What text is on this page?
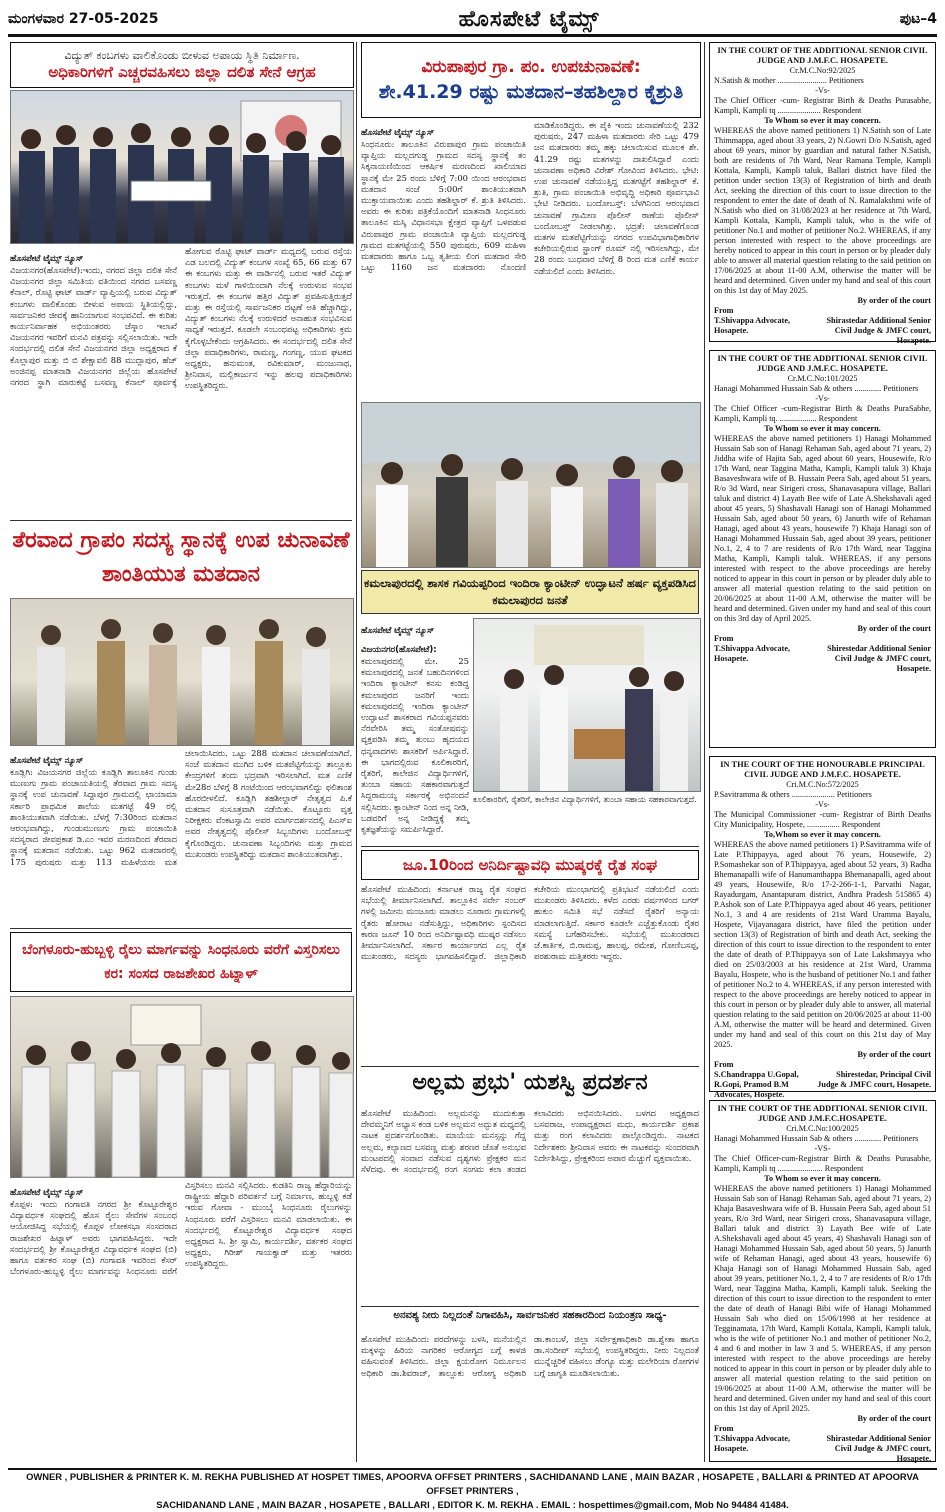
ಮಂಗಳವಾರ 27-05-2025	ಹೊಸಪೇಟೆ ಟೈಮ್ಸ್	ಪುಟ–4
ವಿದ್ಯುತ್ ಕಂಬಗಳು ವಾಲಿಕೊಂಡು ಬೀಳುವ ಅಪಾಯ ಸ್ಥಿತಿ ನಿರ್ಮಾಣ.
ಅಧಿಕಾರಿಗಳಿಗೆ ಎಚ್ಚರವಹಿಸಲು ಜಿಲ್ಲಾ ದಲಿತ ಸೇನೆ ಆಗ್ರಹ
ಹೊಸಪೇಟೆ ಟೈಮ್ಸ್ ನ್ಯೂಸ್

ವಿಜಯನಗರ(ಹೊಸಪೇಟೆ):ಇಂದು, ನಗರದ ಜಿಲ್ಲಾ ದಲಿತ ಸೇನೆ ವಿಜಯನಗರ ಜಿಲ್ಲಾ ಸಮಿತಿಯ ವತಿಯಿಂದ ನಗರದ ಬಸವಣ್ಣ ಕೆನಾಲ್, ರೊಟ್ಟಿ ಘಾಟ್ ವಾರ್ಡ್ ವ್ಯಾಪ್ತಿಯಲ್ಲಿ ಬರುವ ವಿದ್ಯುತ್ ಕಂಬಗಳು ವಾಲಿಕೊಂಡು ಬೀಳುವ ಅಪಾಯ ಸ್ಥಿತಿಯಲ್ಲಿದ್ದು, ಸಾರ್ವಜನಿಕರ ಜೀವಕ್ಕೆ ಹಾನಿಯಾಗುವ ಸಂಭವವಿದೆ. ಈ ಕುರಿತು ಕಾರ್ಯನಿರ್ವಾಹಕ ಅಭಿಯಂತರರು ಜೆಸ್ಕಾಂ ಇಲಾಖೆ ವಿಜಯನಗರ ಇವರಿಗೆ ಮನವಿ ಪತ್ರವನ್ನು ಸಲ್ಲಿಸಲಾಯಿತು. ಇದೇ ಸಂದರ್ಭದಲ್ಲಿ ದಲಿತ ಸೇನೆ ವಿಜಯನಗರ ಜಿಲ್ಲಾ ಅಧ್ಯಕ್ಷರಾದ ಕೆ ಕೊಲ್ಲಾಪುರ ಮತ್ತು ಬಿ ಬಿ ಶೇಕ್ಷಾವಲಿ 88 ಮುದ್ಲಾಪುರ, ಹೆಚ್ ಅಂಜಿನಪ್ಪ ಮಾತನಾಡಿ ವಿಜಯನಗರ ಜಿಲ್ಲೆಯ ಹೊಸಪೇಟೆ ನಗರದ ಸ್ಥಾಗಿ ಮಾರುಕಟ್ಟೆ ಬಸವಣ್ಣ ಕೆನಾಲ್ ಪೂರ್ವಕ್ಕೆ ಹೋಗುವ ರೊಟ್ಟಿ ಘಾಟ್ ವಾರ್ಡ್ ಮಧ್ಯದಲ್ಲಿ ಬರುವ ರಸ್ತೆಯ ಎಡ ಬಲದಲ್ಲಿ ವಿದ್ಯುತ್ ಕಂಬಗಳ ಸಂಖ್ಯೆ 65, 66 ಮತ್ತು 67 ಈ ಕಂಬಗಳು ಮತ್ತು ಈ ವಾರ್ಡಿನಲ್ಲಿ ಬರುವ ಇತರೆ ವಿದ್ಯುತ್ ಕಂಬಗಳು ಮಳೆ ಗಾಳಿಯಿಂದಾಗಿ ನೆಲಕ್ಕೆ ಉರುಳುವ ಸಂಭವ ಇರುತ್ತದೆ. ಈ ಕಂಬಗಳ ಹತ್ತಿರ ವಿದ್ಯುತ್ ಪ್ರವಹಿಸುತ್ತಿರುತ್ತದೆ ಮತ್ತು ಈ ರಸ್ತೆಯಲ್ಲಿ ಸಾರ್ವಜನಿಕರ ದಟ್ಟಣೆ ಅತಿ ಹೆಚ್ಚಾಗಿದ್ದು, ವಿದ್ಯುತ್ ಕಂಬಗಳು ನೆಲಕ್ಕೆ ಉರುಳಿದರೆ ಅನಾಹುತ ಸಂಭವಿಸುವ ಸಾಧ್ಯತೆ ಇರುತ್ತದೆ. ಕೂಡಲೇ ಸಂಬಂಧಪಟ್ಟ ಅಧಿಕಾರಿಗಳು ಕ್ರಮ ಕೈಗೊಳ್ಳಬೇಕೆಂದು ಆಗ್ರಹಿಸಿದರು. ಈ ಸಂದರ್ಭದಲ್ಲಿ ದಲಿತ ಸೇನೆ ಜಿಲ್ಲಾ ಪದಾಧಿಕಾರಿಗಳು, ರಾಮಣ್ಣ, ಗಂಗಣ್ಣ, ಯುವ ಘಟಕದ ಅಧ್ಯಕ್ಷರು, ಹನುಮಂತ, ರವಿಕುಮಾರ್, ಮಂಜುನಾಥ, ಶ್ರೀನಿವಾಸ, ಮಲ್ಲಿಕಾರ್ಜುನ ಇನ್ನು ಹಲವು ಪದಾಧಿಕಾರಿಗಳು ಉಪಸ್ಥಿತರಿದ್ದರು.

ತೆರವಾದ ಗ್ರಾಪಂ ಸದಸ್ಯ ಸ್ಥಾನಕ್ಕೆ ಉಪ ಚುನಾವಣೆ ಶಾಂತಿಯುತ ಮತದಾನ
ಹೊಸಪೇಟೆ ಟೈಮ್ಸ್ ನ್ಯೂಸ್

ಕೂಡ್ಲಿಗಿ: ವಿಜಯನಗರ ಜಿಲ್ಲೆಯ ಕೂಡ್ಲಿಗಿ ತಾಲೂಕಿನ ಗುಂಡು ಮುಣುಗು ಗ್ರಾಮ ಪಂಚಾಯತಿಯಲ್ಲಿ ತೆರವಾದ ಗ್ರಾಮ ಸದಸ್ಯ ಸ್ಥಾನಕ್ಕೆ ಉಪ ಚುನಾವಣೆ ಸಿದ್ದಾಪುರ ಗ್ರಾಮದಲ್ಲಿ ಛಾಯಾಮಾ ಸರ್ಕಾರಿ ಪ್ರಾಥಮಿಕ ಶಾಲೆಯ ಮತಗಟ್ಟೆ 49 ರಲ್ಲಿ ಶಾಂತಿಯುತವಾಗಿ ನಡೆಯಿತು. ಬೆಳಗ್ಗೆ 7:30ರಿಂದ ಮತದಾನ ಆರಂಭವಾಗಿದ್ದು, ಗುಂಡುಮುಣುಗು ಗ್ರಾಮ ಪಂಚಾಯಿತಿ ಸದಸ್ಯರಾದ ಜೀವಪ್ರಕಾಶ ಡಿ.ಎಂ ಇವರ ಮರಣದಿಂದ ತೆರವಾದ ಸ್ಥಾನಕ್ಕೆ ಮತದಾನ ನಡೆಯಿತು. ಒಟ್ಟು 962 ಮತದಾರರಲ್ಲಿ 175 ಪುರುಷರು ಮತ್ತು 113 ಮಹಿಳೆಯರು ಮತ ಚಲಾಯಿಸಿದರು. ಒಟ್ಟು 288 ಮತದಾನ ಚಲಾವಣೆಯಾಗಿದೆ. ಸಂಜೆ ಮತದಾನ ಮುಗಿದ ಬಳಿಕ ಮತಪೆಟ್ಟಿಗೆಯನ್ನು ತಾಲ್ಲೂಕು ಕೇಂದ್ರಗಳಿಗೆ ತಂದು ಭದ್ರವಾಗಿ ಇರಿಸಲಾಗಿದೆ. ಮತ ಎಣಿಕೆ ಮೇ28ರ ಬೆಳಿಗ್ಗೆ 8 ಗಂಟೆಯಿಂದ ಆರಂಭವಾಗಲಿದ್ದು ಫಲಿತಾಂಶ ಹೊರಬೀಳಲಿದೆ. ಕೂಡ್ಲಿಗಿ ತಹಶೀಲ್ದಾರ್ ನೇತೃತ್ವದ ಪಿ.ಕೆ ಮತದಾನ ಸುಸೂತ್ರವಾಗಿ ನಡೆಯಿತು. ಕೊಟ್ಟೂರು ವೃತ್ತ ನಿರೀಕ್ಷಕರು ವೆಂಕಟಸ್ವಾಮಿ ಅವರ ಮಾರ್ಗದರ್ಶನದಲ್ಲಿ ಪಿಎಸ್ಐ ಅವರ ನೇತೃತ್ವದಲ್ಲಿ ಪೊಲೀಸ್ ಸಿಬ್ಬಂದಿಗಳು ಬಂದೋಬಸ್ತ್ ಕೈಗೊಂಡಿದ್ದರು. ಚುನಾವಣಾ ಸಿಬ್ಬಂದಿಗಳು ಮತ್ತು ಗ್ರಾಮದ ಮುಖಂಡರು ಉಪಸ್ಥಿತರಿದ್ದು ಮತದಾನ ಶಾಂತಿಯುತವಾಗಿತ್ತು.

ಬೆಂಗಳೂರು-ಹುಬ್ಬಳ್ಳಿ ರೈಲು ಮಾರ್ಗವನ್ನು ಸಿಂಧನೂರು ವರೆಗೆ ವಿಸ್ತರಿಸಲು ಕರ: ಸಂಸದ ರಾಜಶೇಖರ ಹಿಟ್ನಾಳ್
ಹೊಸಪೇಟೆ ಟೈಮ್ಸ್ ನ್ಯೂಸ್

ಕೊಪ್ಪಳ: ಇಂದು ಗಂಗಾವತಿ ನಗರದ ಶ್ರೀ ಕೊಟ್ಟೂರೇಶ್ವರ ವಿದ್ಯಾವರ್ಧಕ ಸಂಘದಲ್ಲಿ ಹೊಸ ರೈಲು ಸೇವೆಗಳ ಸಂಬಂಧ ಆಯೋಜಿಸಿದ್ದ ಸಭೆಯಲ್ಲಿ ಕೊಪ್ಪಳ ಲೋಕಸಭಾ ಸಂಸದರಾದ ರಾಜಶೇಖರ ಹಿಟ್ನಾಳ್ ಅವರು ಭಾಗವಹಿಸಿದ್ದರು. ಇದೇ ಸಂದರ್ಭದಲ್ಲಿ ಶ್ರೀ ಕೊಟ್ಟೂರೇಶ್ವರ ವಿದ್ಯಾವರ್ಧಕ ಸಂಘದ (ಬಿ) ಹಾಗೂ ವರ್ತಕರ ಸಂಘ (ಬಿ) ಗಂಗಾವತಿ ಇವರಿಂದ ಕೆಸರ್ ಬೆಂಗಳೂರು-ಹುಬ್ಬಳ್ಳಿ ರೈಲು ಮಾರ್ಗವನ್ನು ಸಿಂಧನೂರು ವರೆಗೆ ವಿಸ್ತರಿಸಲು ಮನವಿ ಸಲ್ಲಿಸಿದರು. ಕುಡತಿನಿ ರಾಜ್ಯ ಹೆದ್ದಾರಿಯನ್ನು ರಾಷ್ಟ್ರೀಯ ಹೆದ್ದಾರಿ ಪರಿವರ್ತನೆ ಬಗ್ಗೆ ನಿರ್ಮಾಣ, ಹುಬ್ಬಳ್ಳಿ ಕಡೆ ಇರುವ ಗೋವಾ - ಮುಂಬೈ ಸಿಂಧನೂರು ರೈಲುಗಳನ್ನು ಸಿಂಧನೂರು ವರೆಗೆ ವಿಸ್ತರಿಸಲು ಮನವಿ ಮಾಡಲಾಯಿತು. ಈ ಸಂದರ್ಭದಲ್ಲಿ ಕೊಟ್ಟೂರೇಶ್ವರ ವಿದ್ಯಾವರ್ಧಕ ಸಂಘದ ಅಧ್ಯಕ್ಷರಾದ ಸಿ. ಶ್ರೀ ಸ್ವಾಮಿ, ಕಾರ್ಯದರ್ಶಿ, ವರ್ತಕರ ಸಂಘದ ಅಧ್ಯಕ್ಷರು, ಗಿರೀಶ್ ಗಾಯಕ್ವಾಡ್ ಮತ್ತು ಇತರರು ಉಪಸ್ಥಿತರಿದ್ದರು.

ವಿರುಪಾಪುರ ಗ್ರಾ. ಪಂ. ಉಪಚುನಾವಣೆ:
ಶೇ.41.29 ರಷ್ಟು ಮತದಾನ–ತಹಶಿಲ್ದಾರ ಕೈಶ್ರುತಿ
ಹೊಸಪೇಟೆ ಟೈಮ್ಸ್ ನ್ಯೂಸ್

ಸಿಂಧನೂರು: ತಾಲೂಕಿನ ವಿರುಪಾಪುರ ಗ್ರಾಮ ಪಂಚಾಯಿತಿ ವ್ಯಾಪ್ತಿಯ ಮಲ್ಲದಗುಡ್ಡ ಗ್ರಾಮದ ಸದಸ್ಯ ಸ್ಥಾನಕ್ಕೆ ತಂ ಸಿಕ್ಕನಾಯಣಿಯಿಂದ ಆಕರ್ಷಿಕ ಮರಣದಿಂದ ಖಾಲಿಯಾದ ಸ್ಥಾನಕ್ಕೆ ಮೇ 25 ರಂದು ಬೆಳಿಗ್ಗೆ 7:00 ಯಿಂದ ಆರಂಭವಾದ ಮತದಾನ ಸಂಜೆ 5:00ಗೆ ಶಾಂತಿಯುತವಾಗಿ ಮುಕ್ತಾಯವಾಯಿತು ಎಂದು ತಹಶಿಲ್ದಾರ್ ಕೆ. ಶ್ರುತಿ ತಿಳಿಸಿದರು. ಅವರು ಈ ಕುರಿತು ಪತ್ರಿಕೆಯೊಂದಿಗೆ ಮಾತನಾಡಿ ಸಿಂಧನೂರು ತಾಲೂಕಿನ ಮಸ್ಕಿ ವಿಧಾನಸಭಾ ಕ್ಷೇತ್ರದ ವ್ಯಾಪ್ತಿಗೆ ಒಳಪಡುವ ವಿರುಪಾಪುರ ಗ್ರಾಮ ಪಂಚಾಯಿತಿ ವ್ಯಾಪ್ತಿಯ ಮಲ್ಲದಗುಡ್ಡ ಗ್ರಾಮದ ಮತಗಟ್ಟೆಯಲ್ಲಿ 550 ಪುರುಷರು, 609 ಮಹಿಳಾ ಮತದಾರರು ಹಾಗೂ ಒಬ್ಬ ತೃತೀಯ ಲಿಂಗ ಮತದಾರ ಸೇರಿ ಒಟ್ಟು 1160 ಜನ ಮತದಾರರು ನೊಂದಣಿ ಮಾಡಿಕೊಂಡಿದ್ದರು. ಈ ಪೈಕಿ ಇಂದು ಚುನಾವಣೆಯಲ್ಲಿ 232 ಪುರುಷರು, 247 ಮಹಿಳಾ ಮತದಾರರು ಸೇರಿ ಒಟ್ಟು 479 ಜನ ಮತದಾರರು ತಮ್ಮ ಹಕ್ಕು ಚಲಾಯಿಸುವ ಮೂಲಕ ಶೇ. 41.29 ರಷ್ಟು ಮತಗಳನ್ನು ದಾಖಲಿಸಿದ್ದಾರೆ ಎಂದು ಚುನಾವಣಾ ಅಧಿಕಾರಿ ವಿರೇಶ್ ಗೋವಿಂದ ತಿಳಿಸಿದರು. ಭೇಟಿ: ಉಪ ಚುನಾವಣೆ ನಡೆಯುತ್ತಿದ್ದ ಮತಗಟ್ಟೆಗೆ ತಹಶಿಲ್ದಾರ್ ಕೆ. ಶ್ರುತಿ, ಗ್ರಾಮ ಪಂಚಾಯಿತಿ ಅಭಿವೃದ್ಧಿ ಅಧಿಕಾರಿ ಪೂರ್ವಭಾವಿ ಭೇಟಿ ನೀಡಿದರು. ಬಂದೋಬಸ್ತ್: ಬೆಳಗಿನಿಂದ ಆರಂಭವಾದ ಚುನಾವಣೆ ಗ್ರಾಮೀಣ ಪೊಲೀಸ್ ಠಾಣೆಯ ಪೊಲೀಸ್ ಬಂದೋಬಸ್ತ್ ನೀಡಲಾಗಿತ್ತು. ಭದ್ರತೆ: ಚಲಾವಣೆಗೊಂಡ ಮತಗಳ ಮತಪೆಟ್ಟಿಗೆಯನ್ನು ನಗರದ ಉಪವಿಭಾಗಾಧಿಕಾರಿಗಳ ಕಚೇರಿಯಲ್ಲಿರುವ ಸ್ಟ್ರಾಂಗ್ ರೂಮ್ ನಲ್ಲಿ ಇರಿಸಲಾಗಿದ್ದು, ಮೇ 28 ರಂದು ಬುಧವಾರ ಬೆಳಿಗ್ಗೆ 8 ರಿಂದ ಮತ ಎಣಿಕೆ ಕಾರ್ಯ ನಡೆಯಲಿದೆ ಎಂದು ತಿಳಿಸಿದರು.

ಕಮಲಾಪುರದಲ್ಲಿ ಶಾಸಕ ಗವಿಯಪ್ಪರಿಂದ ಇಂದಿರಾ ಕ್ಯಾಂಟೀನ್ ಉದ್ಘಾಟನೆ ಹರ್ಷ ವ್ಯಕ್ತಪಡಿಸಿದ ಕಮಲಾಪುರದ ಜನತೆ
ಹೊಸಪೇಟೆ ಟೈಮ್ಸ್ ನ್ಯೂಸ್ ವಿಜಯನಗರ(ಹೊಸಪೇಟೆ):

ಕಮಲಾಪುರದಲ್ಲಿ ಮೇ. 25 ಕಮಲಾಪುರದಲ್ಲಿ ಜನತೆ ಬಹುದಿನಗಳಿಂದ ಇಂದಿರಾ ಕ್ಯಾಂಟೀನ್ ಕನಸು ಕಂಡಿದ್ದ ಕಮಲಾಪುರದ ಜನರಿಗೆ ಇಂದು ಕಮಲಾಪುರದಲ್ಲಿ ಇಂದಿರಾ ಕ್ಯಾಂಟೀನ್ ಉದ್ಘಾಟನೆ ಶಾಸಕರಾದ ಗವಿಯಪ್ಪನವರು ನೆರವೇರಿಸಿ ತಮ್ಮ ಸಂತೋಷವನ್ನು ವ್ಯಕ್ತಪಡಿಸಿ ತಮ್ಮ ತುಂಬು ಹೃದಯದ ಧನ್ಯವಾದಗಳು ಶಾಸಕರಿಗೆ ಅರ್ಪಿಸಿದ್ದಾರೆ. ಈ ಭಾಗದಲ್ಲಿರುವ ಕೂಲಿಕಾರರಿಗೆ, ರೈತರಿಗೆ, ಕಾಲೇಜಿನ ವಿದ್ಯಾರ್ಥಿಗಳಿಗೆ, ತುಂಬಾ ಸಹಾಯ ಸಹಕಾರವಾಗುತ್ತದೆ ಸಿದ್ದರಾಮಯ್ಯ ಸರ್ಕಾರಕ್ಕೆ ಅಭಿನಂದನೆ ಸಲ್ಲಿಸಿದರು. ಕ್ಯಾಂಟೀನ್ ನಿಂದ ಅನ್ನ ನೀಡಿ, ಬಡವರಿಗೆ ಅನ್ನ ನೀಡಿದ್ದಕ್ಕೆ ತಮ್ಮ ಕೃತಜ್ಞತೆಯನ್ನು ಸಮರ್ಪಿಸಿದ್ದಾರೆ.

ಕೂಲಿಕಾರರಿಗೆ, ರೈತರಿಗೆ, ಕಾಲೇಜಿನ ವಿದ್ಯಾರ್ಥಿಗಳಿಗೆ, ತುಂಬಾ ಸಹಾಯ ಸಹಕಾರವಾಗುತ್ತದೆ.

ಜೂ.10ರಿಂದ ಅನಿರ್ದಿಷ್ಟಾವಧಿ ಮುಷ್ಕರಕ್ಕೆ ರೈತ ಸಂಘ

ಹೊಸಪೇಟೆ ಮುಹಿದಿಂದ: ಕರ್ನಾಟಕ ರಾಜ್ಯ ರೈತ ಸಂಘದ ಸಭೆಯಲ್ಲಿ ತೀರ್ಮಾನಿಸಲಾಗಿದೆ. ತಾಲ್ಲೂಕಿನ ಸರ್ವೇ ನಂಬರ್ ಗಳಲ್ಲಿ ಜಮೀನು ಮಂಜೂರು ಮಾಡಲು ನೂರಾರು ಗ್ರಾಮಗಳಲ್ಲಿ ರೈತರು ಹೋರಾಟ ನಡೆಸುತ್ತಿದ್ದು, ಅಧಿಕಾರಿಗಳು ಸ್ಪಂದಿಸದ ಕಾರಣ ಜೂನ್ 10 ರಿಂದ ಅನಿರ್ದಿಷ್ಟಾವಧಿ ಮುಷ್ಕರ ನಡೆಸಲು ತೀರ್ಮಾನಿಸಲಾಗಿದೆ. ಸರ್ಕಾರ ಕಾರ್ಯಾಂಗದ ಎಲ್ಲ ರೈತ ಮುಖಂಡರು, ಸದಸ್ಯರು ಭಾಗವಹಿಸಲಿದ್ದಾರೆ. ಜಿಲ್ಲಾಧಿಕಾರಿ ಕಚೇರಿಯ ಮುಂಭಾಗದಲ್ಲಿ ಪ್ರತಿಭಟನೆ ನಡೆಯಲಿದೆ ಎಂದು ಮುಖಂಡರು ತಿಳಿಸಿದರು. ಕಳೆದ ಎರಡು ವರ್ಷಗಳಿಂದ ಬಗರ್ ಹುಕುಂ ಸಮಿತಿ ಸಭೆ ನಡೆಸದೆ ರೈತರಿಗೆ ಅನ್ಯಾಯ ಮಾಡಲಾಗುತ್ತಿದೆ. ಸರ್ಕಾರ ಕೂಡಲೇ ಎಚ್ಚೆತ್ತುಕೊಂಡು ರೈತರ ಸಮಸ್ಯೆ ಬಗೆಹರಿಸಬೇಕು. ಸಭೆಯಲ್ಲಿ ಮುಖಂಡರಾದ ಜೆ.ಕಾರ್ತಿಕ, ಬಿ.ರಾಮಪ್ಪ, ಹಾಲಪ್ಪ, ರಮೇಶ, ಗೋಣಿಬಸಪ್ಪ, ಪರಶುರಾಮ ಮತ್ತಿತರರು ಇದ್ದರು.

ಅಲ್ಲಮ ಪ್ರಭು' ಯಶಸ್ವಿ ಪ್ರದರ್ಶನ

ಹೊಸಪೇಟೆ ಮುಹಿದಿಂದ: ಅಲ್ಲಮನನ್ನು ಮುದುಕುತ್ತಾ ದೇವಮ್ಮನಿಗೆ ಅಭ್ಯಾಸ ಕಂಡ ಬಳಿಕ ಅಲ್ಲಮನ ಅದ್ಭುತ ಮಧ್ಯದಲ್ಲಿ ನಾಟಕ ಪ್ರದರ್ಶನಗೊಂಡಿತು. ಮಾಯೆಯ ಮನಸ್ಸನ್ನು ಗೆದ್ದ ಅಲ್ಲಮ, ಕಲ್ಯಾಣದ ಬಸವಣ್ಣ ಮತ್ತು ಶರಣರ ಜೊತೆ ಅನುಭವ ಮಂಟಪದಲ್ಲಿ ಸಂವಾದ ನಡೆಸುವ ದೃಶ್ಯಗಳು ಪ್ರೇಕ್ಷಕರ ಮನ ಸೆಳೆದವು. ಈ ಸಂದರ್ಭದಲ್ಲಿ ರಂಗ ಸಂಗಮ ಕಲಾ ತಂಡದ ಕಲಾವಿದರು ಅಭಿನಯಿಸಿದರು. ಬಳಗದ ಅಧ್ಯಕ್ಷರಾದ ಬಸವರಾಜ, ಉಪಾಧ್ಯಕ್ಷರಾದ ಮಧು, ಕಾರ್ಯದರ್ಶಿ ಪ್ರಕಾಶ ಮತ್ತು ರಂಗ ಕಲಾವಿದರು ಪಾಲ್ಗೊಂಡಿದ್ದರು. ನಾಟಕದ ನಿರ್ದೇಶಕರು ಶ್ರೀನಿವಾಸ ಅವರು ಈ ನಾಟಕವನ್ನು ಸುಂದರವಾಗಿ ನಿರ್ದೇಶಿಸಿದ್ದು, ಪ್ರೇಕ್ಷಕರಿಂದ ಅಪಾರ ಮೆಚ್ಚುಗೆ ವ್ಯಕ್ತವಾಯಿತು.

ಅನವಶ್ಯ ನೀರು ನಿಲ್ಲದಂತೆ ನಿಗಾವಹಿಸಿ, ಸಾರ್ವಜನಿಕರ ಸಹಕಾರದಿಂದ ನಿಯಂತ್ರಣ ಸಾಧ್ಯ-

ಹೊಸಪೇಟೆ ಮುಹಿದಿಂದ: ಪರದೆಗಳನ್ನು ಬಳಸಿ, ಮನೆಯಲ್ಲಿನ ಮಕ್ಕಳನ್ನು ಹಿರಿಯ ನಾಗರಿಕರ ಆರೋಗ್ಯದ ಬಗ್ಗೆ ಕಾಳಜಿ ವಹಿಸುವಂತೆ ತಿಳಿಸಿದರು. ಜಿಲ್ಲಾ ಕ್ಷಯರೋಗ ನಿರ್ಮೂಲನ ಅಧಿಕಾರಿ ಡಾ.ಶಿವರಾಜ್, ತಾಲ್ಲೂಕು ಆರೋಗ್ಯ ಅಧಿಕಾರಿ ಡಾ.ಕಾಂಬಳೆ, ಜಿಲ್ಲಾ ಸರ್ವೇಕ್ಷಣಾಧಿಕಾರಿ ಡಾ.ಶ್ವೇತಾ ಹಾಗೂ ಡಾ.ಸಂದೀಪ್ ಸಭೆಯಲ್ಲಿ ಉಪಸ್ಥಿತರಿದ್ದರು. ನೀರು ನಿಲ್ಲದಂತೆ ಮುನ್ನೆಚ್ಚರಿಕೆ ವಹಿಸಲು ಡೆಂಗ್ಯೂ ಮತ್ತು ಮಲೇರಿಯಾ ರೋಗಗಳ ಬಗ್ಗೆ ಜಾಗೃತಿ ಮೂಡಿಸಲಾಯಿತು.

IN THE COURT OF THE ADDITIONAL SENIOR CIVIL JUDGE AND J.M.F.C. HOSAPETE.
Cr.M.C.No:92/2025

N.Satish & mother ........................ Petitioners

-Vs-

The Chief Officer -cum- Registrar Birth & Deaths Purasabhe, Kampli, Kampli tq ..................... Respondent

To Whom so ever it may concern.

WHEREAS the above named petitioners 1) N.Satish son of Late Thimmappa, aged about 33 years, 2) N.Gowri D/o N.Satish, aged about 69 years, minor by guardian and natural father N.Satish, both are residents of 7th Ward, Near Ramana Temple, Kampli Kottala, Kampli, Kampli taluk, Ballari district have filed the petition under section 13(3) of Registration of birth and death Act, seeking the direction of this court to issue direction to the respondent to enter the date of death of N. Ramalakshmi wife of N.Satish who died on 31/08/2023 at her residence at 7th Ward, Kampli Kottala, Kampli, Kampli taluk, who is the wife of petitioner No.1 and mother of petitioner No.2. WHEREAS, if any person interested with respect to the above proceedings are hereby noticed to appear in this court in person or by pleader duly able to answer all material question relating to the said petition on 17/06/2025 at about 11-00 A.M, otherwise the matter will be heard and determined. Given under my hand and seal of this court on this 1st day of May 2025.

By order of the court
From
T.Shivappa Advocate, Hosapete.
Shirastedar Additional Senior Civil Judge & JMFC court, Hosapete.
IN THE COURT OF THE ADDITIONAL SENIOR CIVIL JUDGE AND J.M.F.C. HOSAPETE.
Cr.M.C.No:101/2025

Hanagi Mohammed Hussain Sab & others ............. Petitioners

-Vs-

The Chief Officer -cum-Registrar Birth & Deaths PuraSabhe, Kampli, Kampli tq. .................. Respondent

To Whom so ever it may concern.

WHEREAS the above named petitioners 1) Hanagi Mohammed Hussain Sab son of Hanagi Rehaman Sab, aged about 71 years, 2) Jiddha wife of Hajita Sab, aged about 60 years, Housewife, R/o 17th Ward, near Taggina Matha, Kampli, Kampli taluk 3) Khaja Basaveshwara wife of B. Hussain Peera Sab, aged about 51 years, R/o 3d Ward, near Sirigeri cross, Shanavasapura village, Ballari taluk and district 4) Layath Bee wife of Late A.Shekshavali aged about 45 years, 5) Shashavali Hanagi son of Hanagi Mohammed Hussain Sab, aged about 50 years, 6) Janurth wife of Rehaman Hanagi, aged about 43 years, housewife 7) Khaja Hanagi son of Hanagi Mohammed Hussain Sab, aged about 39 years, petitioner No.1, 2, 4 to 7 are residents of R/o 17th Ward, near Taggina Matha, Kampli, Kampli taluk. WHEREAS, if any persons interested with respect to the above proceedings are hereby noticed to appear in this court in person or by pleader duly able to answer all material question relating to the said petition on 20/06/2025 at about 11-00 A.M, otherwise the matter will be heard and determined. Given under my hand and seal of this court on this 3rd day of April 2025.

By order of the court
From
T.Shivappa Advocate, Hosapete.
Shirestedar Additional Senior Civil Judge & JMFC court, Hosapete.
IN THE COURT OF THE HONOURABLE PRINCIPAL CIVIL JUDGE AND J.M.F.C. HOSAPETE.
Cri.M.C.No:572/2025

P.Savitramma & others ..................... Petitioners

-Vs-

The Municipal Commissioner -cum- Registrar of Birth Deaths City Municipality, Hospete, ................ Respondent

To,Whom so ever it may concern.

WHEREAS the above named petitioners 1) P.Savitramma wife of Late P.Thippayya, aged about 76 years, Housewife, 2) P.Somashekar son of P.Thippayya, aged about 52 years, 3) Radha Bhemanapalli wife of Hanumanthappa Bhemanapalli, aged about 49 years, Housewife, R/o 17-2-266-1-1, Parvathi Nagar, Rayadurgam, Anantapuram district, Andhra Pradesh 515865 4) P.Ashok son of Late P.Thippayya aged about 46 years, petitioner No.1, 3 and 4 are residents of 21st Ward Uramma Bayalu, Hospete, Vijayanagara district, have filed the petition under section 13(3) of Registration of birth and death Act, seeking the direction of this court to issue direction to the respondent to enter the date of death of P.Thippayya son of Late Lakshmayya who died on 25/03/2003 at his residence at 21st Ward, Uramma Bayalu, Hospete, who is the husband of petitioner No.1 and father of petitioner No.2 to 4. WHEREAS, if any person interested with respect to the above proceedings are hereby noticed to appear in this court in person or by pleader duly able to answer, all material question relating to the said petition on 20/06/2025 at about 11-00 A.M, otherwise the matter will be heard and determined. Given under my hand and seal of this court on this 21st day of May 2025.

By order of the court
From
S.Chandrappa U.Gopal, R.Gopi, Pramod B.M Advocates, Hospete.
Shirestedar, Principal Civil Judge & JMFC court, Hosapete.
IN THE COURT OF THE ADDITIONAL SENIOR CIVIL JUDGE AND J.M.F.C.HOSAPETE.
Cri.M.C.No:100/2025

Hanagi Mohammed Hussain Sab & others ............. Petitioners

-VS-

The Chief Officer-cum-Registrar Birth & Deaths Purasabhe, Kampli, Kampli tq ...................... Respondent

To Whom so ever it may concern.

WHEREAS the above named petitioners 1) Hanagi Mohammed Hussain Sab son of Hanagi Rehaman Sab, aged about 71 years, 2) Khaja Basaveshwara wife of B. Hussain Peera Sab, aged about 51 years, R/o 3rd Ward, near Sirigeri cross, Shanavasapura village, Ballari taluk and district 3) Layath Bee wife of Late A.Shekshavali aged about 45 years, 4) Shashavali Hanagi son of Hanagi Mohammed Hussain Sab, aged about 50 years, 5) Janurth wife of Rehaman Hanagi, aged about 43 years, housewife 6) Khaja Hanagi son of Hanagi Mohammed Hussain Sab, aged about 39 years, petitioner No.1, 2, 4 to 7 are residents of R/o 17th Ward, near Taggina Matha, Kampli, Kampli taluk. Seeking the direction of this court to issue direction to the respondent to enter the date of death of Hanagi Bibi wife of Hanagi Mohammed Hussain Sab who died on 15/06/1998 at her residence at Tegginamata, 17th Ward, Kampli Kottala, Kampli, Kampli taluk, who is the wife of petitioner No.1 and mother of petitioner No.2, 4 and 6 and mother in law 3 and 5. WHEREAS, if any person interested with respect to the above proceedings are hereby noticed to appear in this court in person or by pleader duly able to answer all material question relating to the said petition on 19/06/2025 at about 11-00 A.M, otherwise the matter will be heard and determined. Given under my hand and seal of this court on this 1st day of April 2025.

By order of the court
From
T.Shivappa Advocate, Hosapete.
Shirastedar Additional Senior Civil Judge & JMFC court, Hosapete.
OWNER , PUBLISHER & PRINTER K. M. REKHA PUBLISHED AT HOSPET TIMES, APOORVA OFFSET PRINTERS , SACHIDANAND LANE , MAIN BAZAR , HOSAPETE , BALLARI & PRINTED AT APOORVA OFFSET PRINTERS ,
SACHIDANAND LANE , MAIN BAZAR , HOSAPETE , BALLARI , EDITOR K. M. REKHA . EMAIL : hospettimes@gmail.com, Mob No 94484 41484.
